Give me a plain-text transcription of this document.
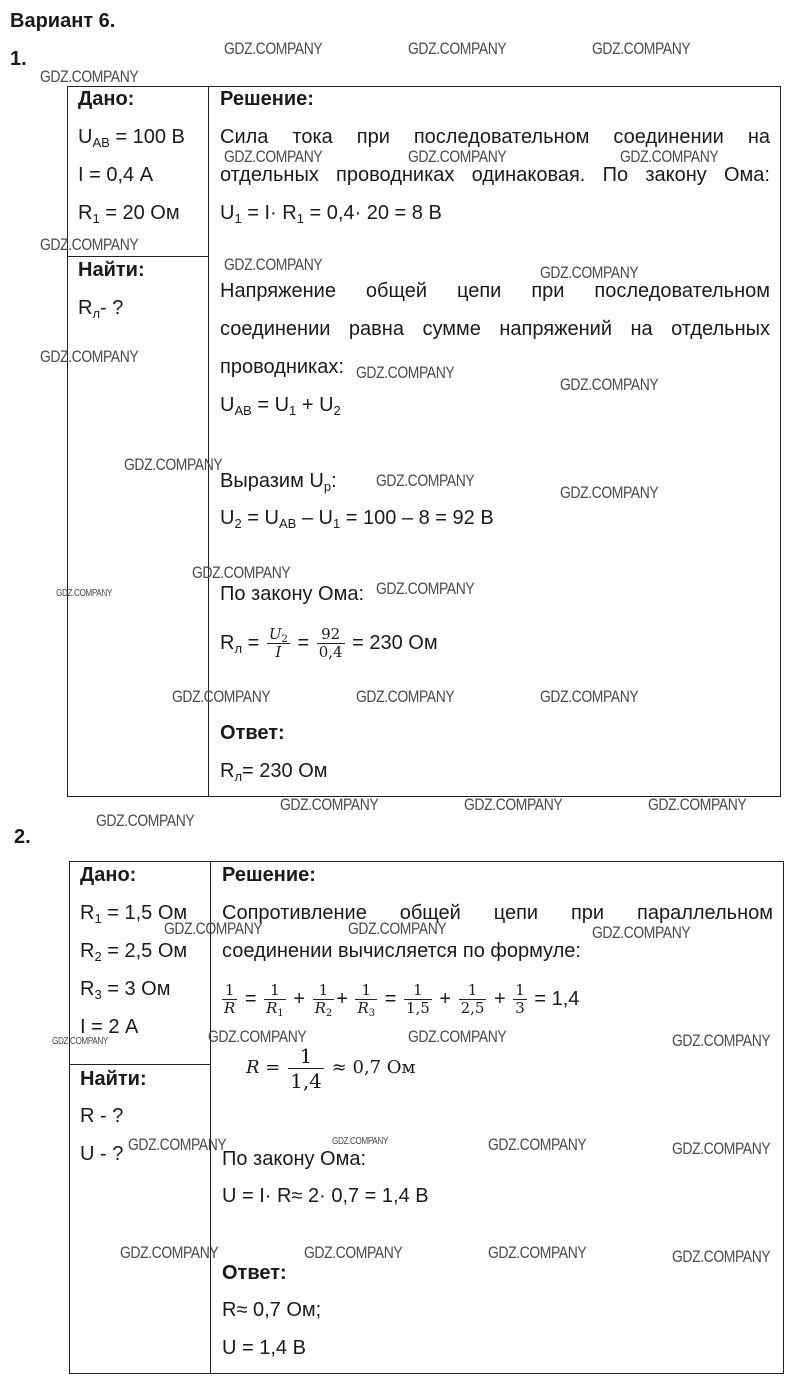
Вариант 6.
1.
Дано:
$U_{AB} = 100$ В
I = 0,4 А
$R_1 = 20$ Ом
Найти:
$R_л-$ ?
Решение:
Сила тока при последовательном соединении на
отдельных проводниках одинаковая. По закону Ома:
$U_1 = I\cdot R_1 = 0,4\cdot 20 = 8$ В
Напряжение общей цепи при последовательном
соединении равна сумме напряжений на отдельных
проводниках:
$U_{AB} = U_1 + U_2$
Выразим $U_р$:
$U_2 = U_{AB} - U_1 = 100 - 8 = 92$ В
По закону Ома:
$R_л = \frac{U_2}{I} = \frac{92}{0,4} = 230$ Ом
Ответ:
$R_л= 230$ Ом
2.
Дано:
$R_1 = 1,5$ Ом
$R_2 = 2,5$ Ом
$R_3 = 3$ Ом
I = 2 А
Найти:
R - ?
U - ?
Решение:
Сопротивление общей цепи при параллельном
соединении вычисляется по формуле:
$\frac{1}{R} = \frac{1}{R_1} + \frac{1}{R_2} + \frac{1}{R_3} = \frac{1}{1,5} + \frac{1}{2,5} + \frac{1}{3} = 1,4$
$R = \frac{1}{1,4} \approx 0,7$ Ом
По закону Ома:
U = I· R≈ 2· 0,7 = 1,4 В
Ответ:
R≈ 0,7 Ом;
U = 1,4 В
GDZ.COMPANY	GDZ.COMPANY	GDZ.COMPANY
GDZ.COMPANY
GDZ.COMPANY	GDZ.COMPANY	GDZ.COMPANY
GDZ.COMPANY
GDZ.COMPANY	GDZ.COMPANY
GDZ.COMPANY
GDZ.COMPANY
GDZ.COMPANY
GDZ.COMPANY
GDZ.COMPANY
GDZ.COMPANY
GDZ.COMPANY
GDZ.COMPANY	GDZ.COMPANY
GDZ.COMPANY	GDZ.COMPANY	GDZ.COMPANY
GDZ.COMPANY	GDZ.COMPANY	GDZ.COMPANY
GDZ.COMPANY
GDZ.COMPANY	GDZ.COMPANY	GDZ.COMPANY
GDZ.COMPANY	GDZ.COMPANY	GDZ.COMPANY	GDZ.COMPANY
GDZ.COMPANY	GDZ.COMPANY	GDZ.COMPANY	GDZ.COMPANY
GDZ.COMPANY	GDZ.COMPANY	GDZ.COMPANY	GDZ.COMPANY
